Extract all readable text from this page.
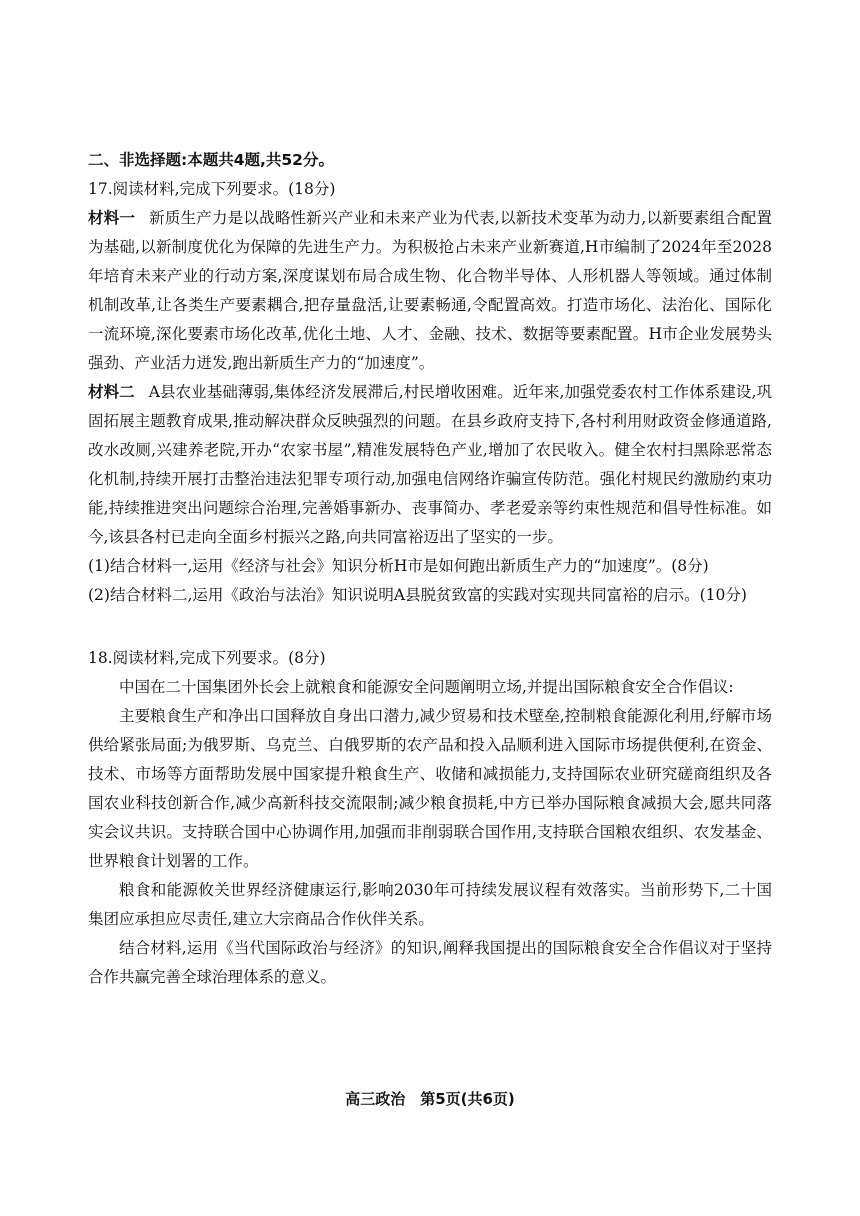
二、非选择题:本题共4题,共52分。

17.阅读材料,完成下列要求。(18分)

材料一 新质生产力是以战略性新兴产业和未来产业为代表,以新技术变革为动力,以新要素组合配置为基础,以新制度优化为保障的先进生产力。为积极抢占未来产业新赛道,H市编制了2024年至2028年培育未来产业的行动方案,深度谋划布局合成生物、化合物半导体、人形机器人等领域。通过体制机制改革,让各类生产要素耦合,把存量盘活,让要素畅通,令配置高效。打造市场化、法治化、国际化一流环境,深化要素市场化改革,优化土地、人才、金融、技术、数据等要素配置。H市企业发展势头强劲、产业活力迸发,跑出新质生产力的“加速度”。

材料二 A县农业基础薄弱,集体经济发展滞后,村民增收困难。近年来,加强党委农村工作体系建设,巩固拓展主题教育成果,推动解决群众反映强烈的问题。在县乡政府支持下,各村利用财政资金修通道路,改水改厕,兴建养老院,开办“农家书屋”,精准发展特色产业,增加了农民收入。健全农村扫黑除恶常态化机制,持续开展打击整治违法犯罪专项行动,加强电信网络诈骗宣传防范。强化村规民约激励约束功能,持续推进突出问题综合治理,完善婚事新办、丧事简办、孝老爱亲等约束性规范和倡导性标准。如今,该县各村已走向全面乡村振兴之路,向共同富裕迈出了坚实的一步。

(1)结合材料一,运用《经济与社会》知识分析H市是如何跑出新质生产力的“加速度”。(8分)

(2)结合材料二,运用《政治与法治》知识说明A县脱贫致富的实践对实现共同富裕的启示。(10分)

18.阅读材料,完成下列要求。(8分)

中国在二十国集团外长会上就粮食和能源安全问题阐明立场,并提出国际粮食安全合作倡议:

主要粮食生产和净出口国释放自身出口潜力,减少贸易和技术壁垒,控制粮食能源化利用,纾解市场供给紧张局面;为俄罗斯、乌克兰、白俄罗斯的农产品和投入品顺利进入国际市场提供便利,在资金、技术、市场等方面帮助发展中国家提升粮食生产、收储和减损能力,支持国际农业研究磋商组织及各国农业科技创新合作,减少高新科技交流限制;减少粮食损耗,中方已举办国际粮食减损大会,愿共同落实会议共识。支持联合国中心协调作用,加强而非削弱联合国作用,支持联合国粮农组织、农发基金、世界粮食计划署的工作。

粮食和能源攸关世界经济健康运行,影响2030年可持续发展议程有效落实。当前形势下,二十国集团应承担应尽责任,建立大宗商品合作伙伴关系。

结合材料,运用《当代国际政治与经济》的知识,阐释我国提出的国际粮食安全合作倡议对于坚持合作共赢完善全球治理体系的意义。

高三政治　第5页(共6页)
